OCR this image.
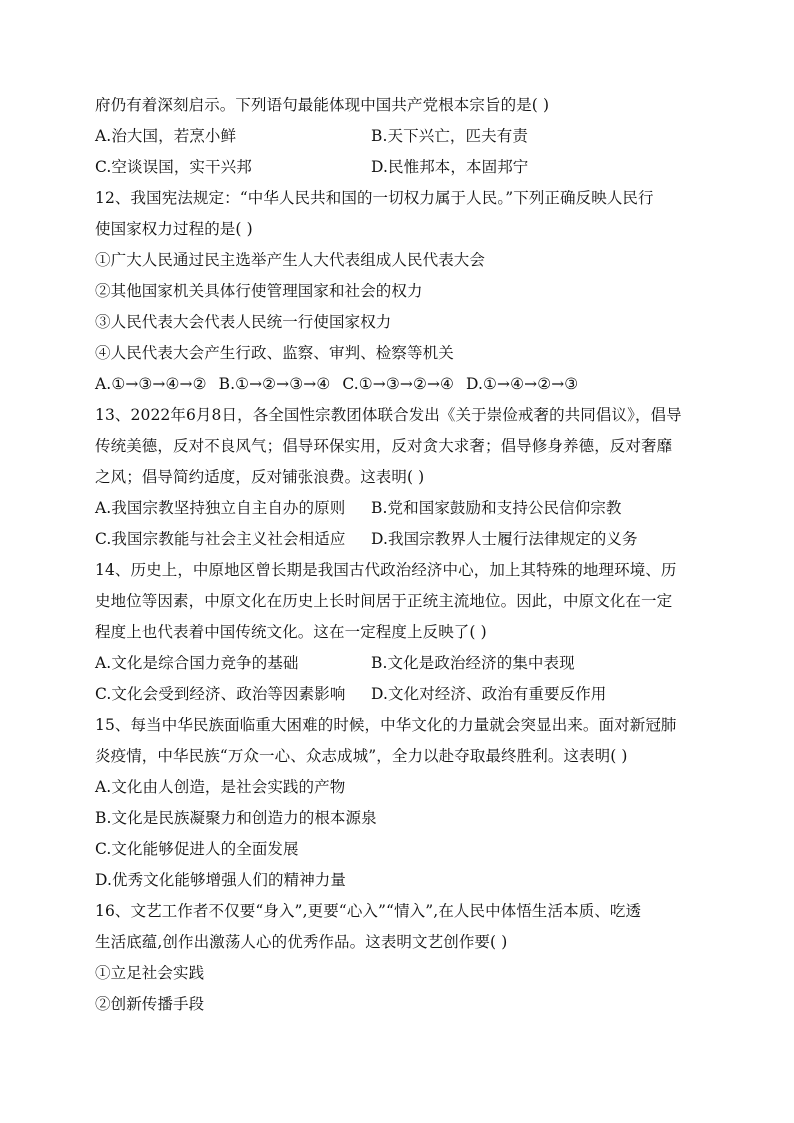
府仍有着深刻启示。下列语句最能体现中国共产党根本宗旨的是( )
A.治大国，若烹小鲜	B.天下兴亡，匹夫有责
C.空谈误国，实干兴邦	D.民惟邦本，本固邦宁
12、我国宪法规定：“中华人民共和国的一切权力属于人民。”下列正确反映人民行
使国家权力过程的是( )
①广大人民通过民主选举产生人大代表组成人民代表大会
②其他国家机关具体行使管理国家和社会的权力
③人民代表大会代表人民统一行使国家权力
④人民代表大会产生行政、监察、审判、检察等机关
A.①→③→④→② B.①→②→③→④ C.①→③→②→④ D.①→④→②→③
13、2022年6月8日，各全国性宗教团体联合发出《关于崇俭戒奢的共同倡议》，倡导
传统美德，反对不良风气；倡导环保实用，反对贪大求奢；倡导修身养德，反对奢靡
之风；倡导简约适度，反对铺张浪费。这表明( )
A.我国宗教坚持独立自主自办的原则	B.党和国家鼓励和支持公民信仰宗教
C.我国宗教能与社会主义社会相适应	D.我国宗教界人士履行法律规定的义务
14、历史上，中原地区曾长期是我国古代政治经济中心，加上其特殊的地理环境、历
史地位等因素，中原文化在历史上长时间居于正统主流地位。因此，中原文化在一定
程度上也代表着中国传统文化。这在一定程度上反映了( )
A.文化是综合国力竞争的基础	B.文化是政治经济的集中表现
C.文化会受到经济、政治等因素影响	D.文化对经济、政治有重要反作用
15、每当中华民族面临重大困难的时候，中华文化的力量就会突显出来。面对新冠肺
炎疫情，中华民族“万众一心、众志成城”，全力以赴夺取最终胜利。这表明( )
A.文化由人创造，是社会实践的产物
B.文化是民族凝聚力和创造力的根本源泉
C.文化能够促进人的全面发展
D.优秀文化能够增强人们的精神力量
16、文艺工作者不仅要“身入”,更要“心入”“情入”,在人民中体悟生活本质、吃透
生活底蕴,创作出激荡人心的优秀作品。这表明文艺创作要( )
①立足社会实践
②创新传播手段
